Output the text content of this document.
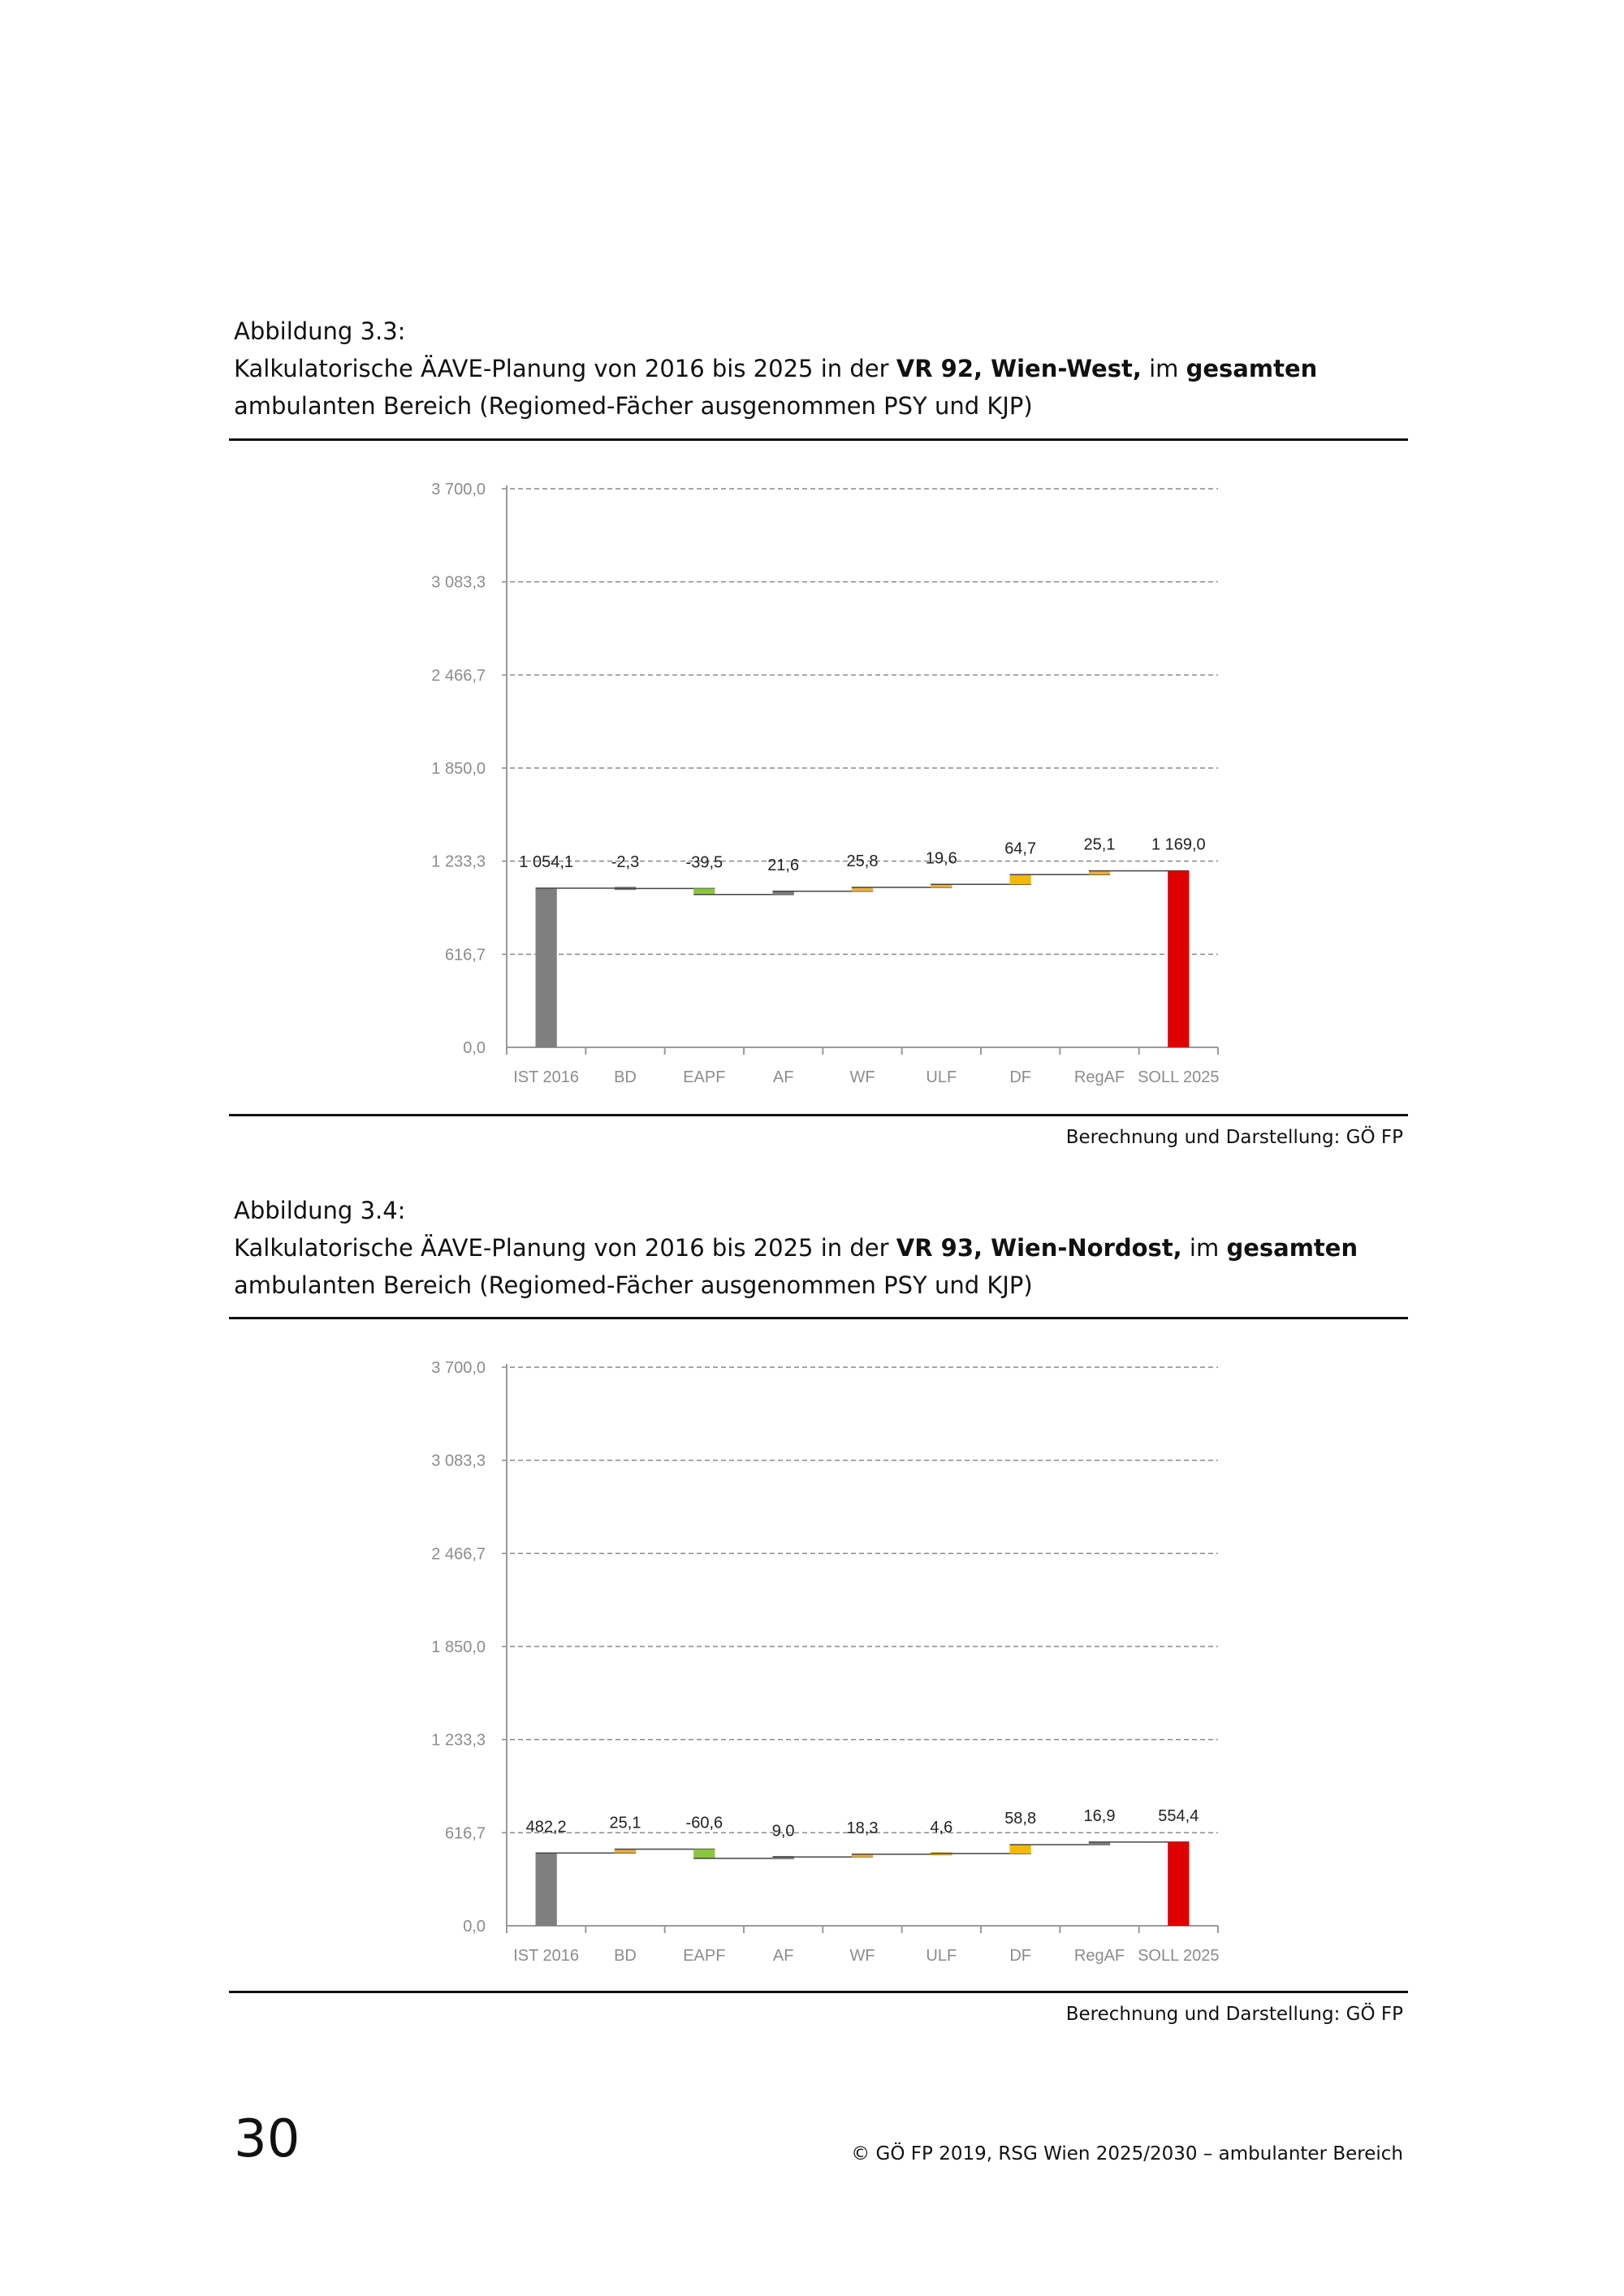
Abbildung 3.3:
Kalkulatorische ÄAVE-Planung von 2016 bis 2025 in der VR 92, Wien-West, im gesamten
ambulanten Bereich (Regiomed-Fächer ausgenommen PSY und KJP)
0,0
616,7
1 233,3
1 850,0
2 466,7
3 083,3
3 700,0
1 054,1
IST 2016
-2,3
BD
-39,5
EAPF
21,6
AF
25,8
WF
19,6
ULF
64,7
DF
25,1
RegAF
1 169,0
SOLL 2025
Berechnung und Darstellung: GÖ FP
Abbildung 3.4:
Kalkulatorische ÄAVE-Planung von 2016 bis 2025 in der VR 93, Wien-Nordost, im gesamten
ambulanten Bereich (Regiomed-Fächer ausgenommen PSY und KJP)
0,0
616,7
1 233,3
1 850,0
2 466,7
3 083,3
3 700,0
482,2
IST 2016
25,1
BD
-60,6
EAPF
9,0
AF
18,3
WF
4,6
ULF
58,8
DF
16,9
RegAF
554,4
SOLL 2025
Berechnung und Darstellung: GÖ FP
30	© GÖ FP 2019, RSG Wien 2025/2030 – ambulanter Bereich
